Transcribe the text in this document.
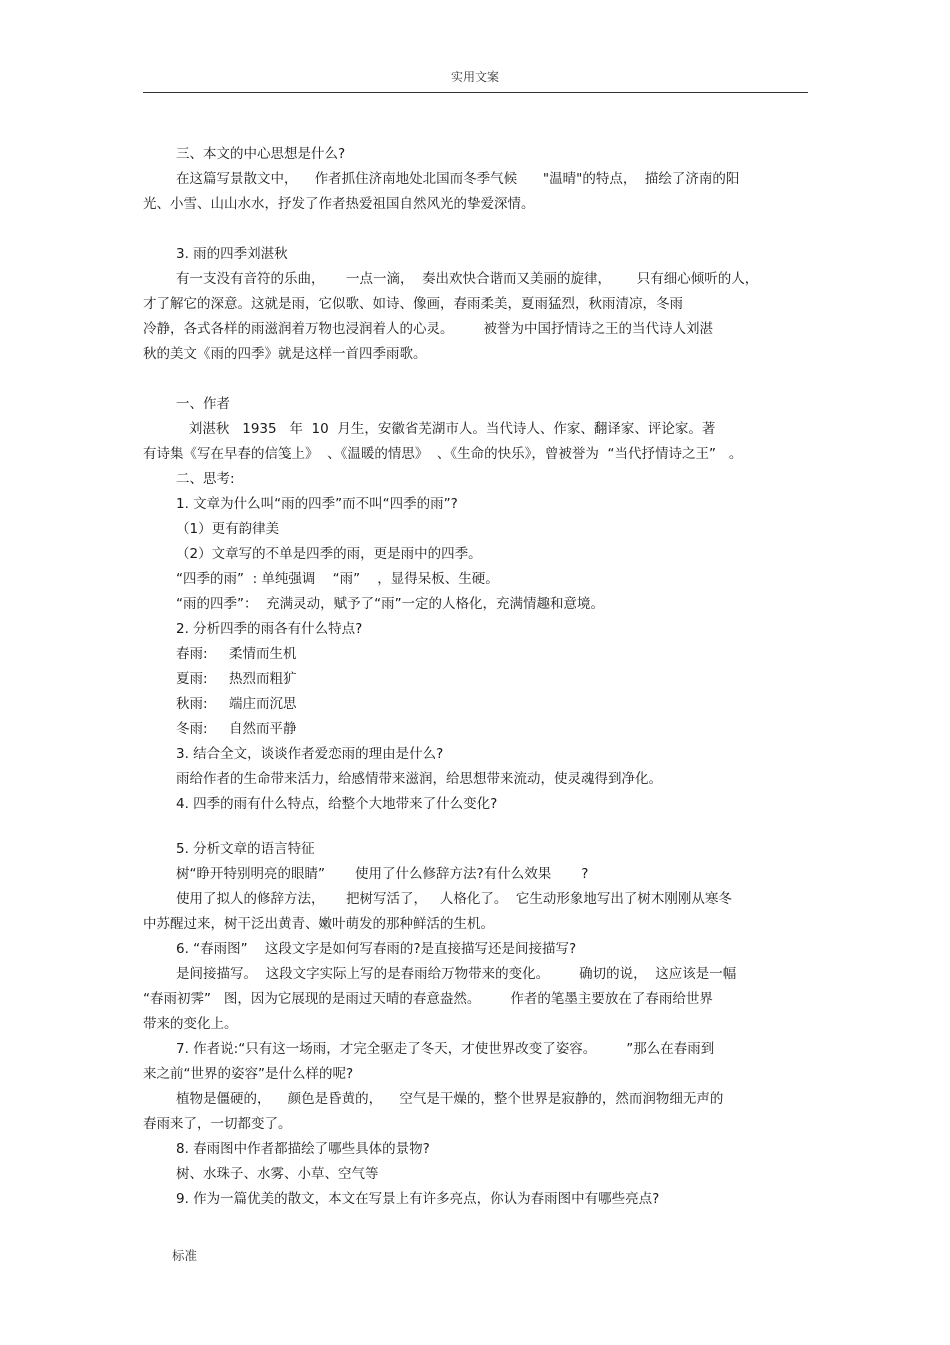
实用文案
三、本文的中心思想是什么?
在这篇写景散文中，    作者抓住济南地处北国而冬季气候      "温晴"的特点，  描绘了济南的阳
光、小雪、山山水水，抒发了作者热爱祖国自然风光的挚爱深情。
3. 雨的四季刘湛秋
有一支没有音符的乐曲，     一点一滴，  奏出欢快合谐而又美丽的旋律，      只有细心倾听的人，
才了解它的深意。这就是雨，它似歌、如诗、像画，春雨柔美，夏雨猛烈，秋雨清凉，冬雨
冷静，各式各样的雨滋润着万物也浸润着人的心灵。       被誉为中国抒情诗之王的当代诗人刘湛
秋的美文《雨的四季》就是这样一首四季雨歌。
一、作者
刘湛秋   1935   年  10  月生，安徽省芜湖市人。当代诗人、作家、翻译家、评论家。著
有诗集《写在早春的信笺上》  、《温暖的情思》  、《生命的快乐》，曾被誉为  “当代抒情诗之王”   。
二、思考:
1. 文章为什么叫“雨的四季”而不叫“四季的雨”?
（1）更有韵律美
（2）文章写的不单是四季的雨，更是雨中的四季。
“四季的雨”  : 单纯强调    “雨”    ，显得呆板、生硬。
“雨的四季”：  充满灵动，赋予了“雨”一定的人格化，充满情趣和意境。
2. 分析四季的雨各有什么特点?
春雨:     柔情而生机
夏雨:     热烈而粗犷
秋雨:     端庄而沉思
冬雨:     自然而平静
3. 结合全文，谈谈作者爱恋雨的理由是什么?
雨给作者的生命带来活力，给感情带来滋润，给思想带来流动，使灵魂得到净化。
4. 四季的雨有什么特点，给整个大地带来了什么变化?
5. 分析文章的语言特征
树“睁开特别明亮的眼睛”       使用了什么修辞方法?有什么效果       ?
使用了拟人的修辞方法，     把树写活了，   人格化了。  它生动形象地写出了树木刚刚从寒冬
中苏醒过来，树干泛出黄青、嫩叶萌发的那种鲜活的生机。
6. “春雨图”    这段文字是如何写春雨的?是直接描写还是间接描写?
是间接描写。  这段文字实际上写的是春雨给万物带来的变化。       确切的说，  这应该是一幅
“春雨初霁”   图，因为它展现的是雨过天晴的春意盎然。       作者的笔墨主要放在了春雨给世界
带来的变化上。
7. 作者说:“只有这一场雨，才完全驱走了冬天，才使世界改变了姿容。       ”那么在春雨到
来之前“世界的姿容”是什么样的呢?
植物是僵硬的，    颜色是昏黄的，    空气是干燥的，整个世界是寂静的，然而润物细无声的
春雨来了，一切都变了。
8. 春雨图中作者都描绘了哪些具体的景物?
树、水珠子、水雾、小草、空气等
9. 作为一篇优美的散文，本文在写景上有许多亮点，你认为春雨图中有哪些亮点?
标准
